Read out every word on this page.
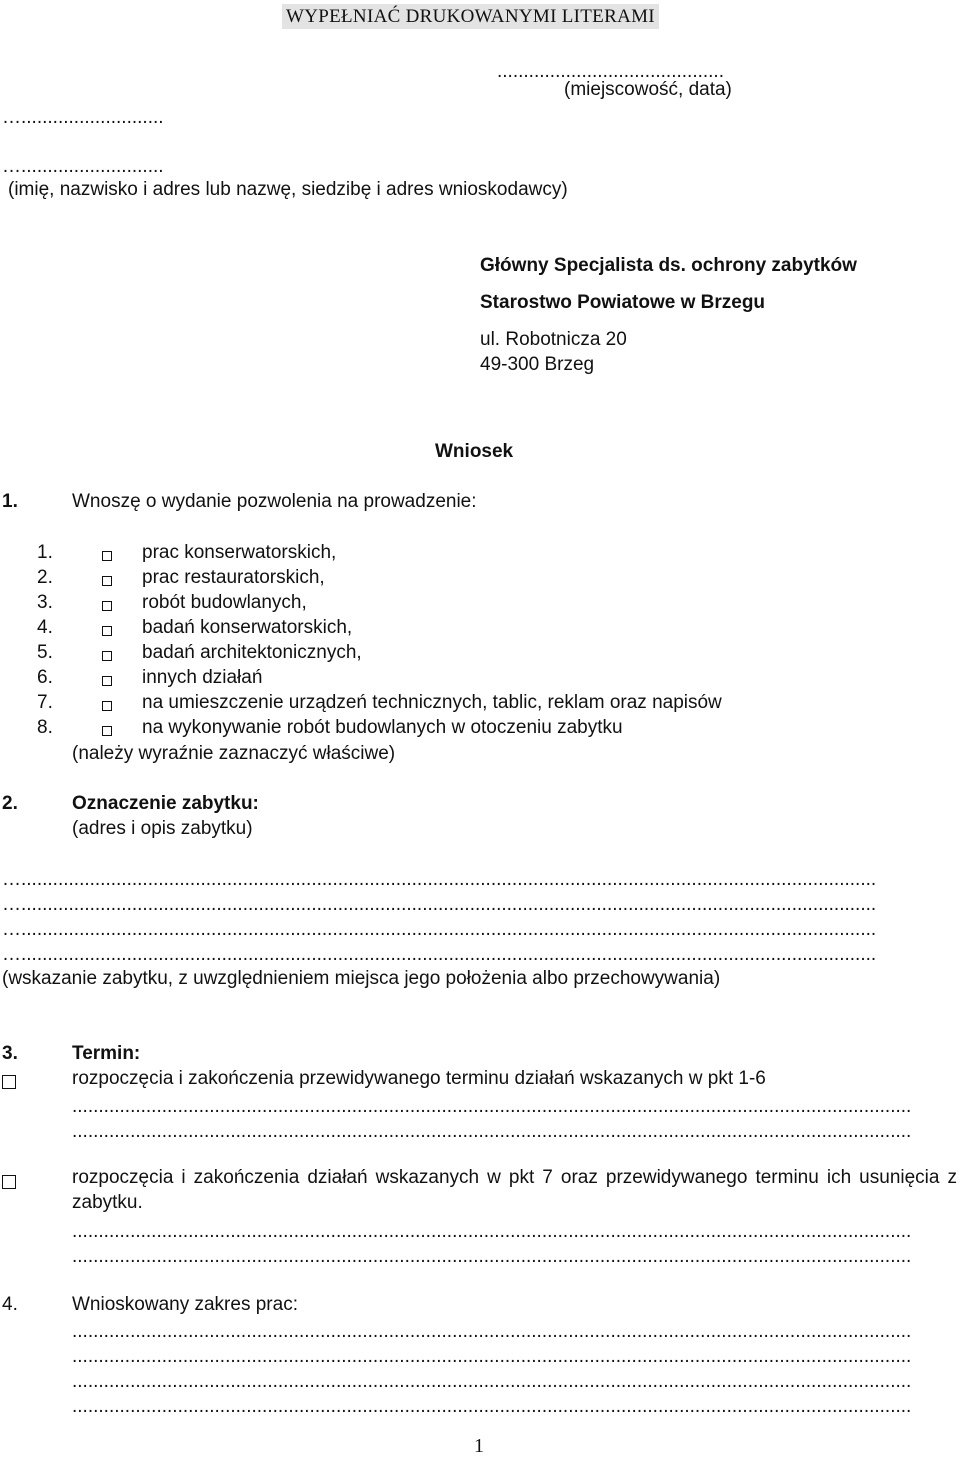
WYPEŁNIAĆ DRUKOWANYMI LITERAMI
...........................................
(miejscowość, data)
…...........................
…...........................
(imię, nazwisko i adres lub nazwę, siedzibę i adres wnioskodawcy)
Główny Specjalista ds. ochrony zabytków
Starostwo Powiatowe w Brzegu
ul. Robotnicza 20
49-300 Brzeg
Wniosek
1.	Wnoszę o wydanie pozwolenia na prowadzenie:
1.	prac konserwatorskich,
2.	prac restauratorskich,
3.	robót budowlanych,
4.	badań konserwatorskich,
5.	badań architektonicznych,
6.	innych działań
7.	na umieszczenie urządzeń technicznych, tablic, reklam oraz napisów
8.	na wykonywanie robót budowlanych w otoczeniu zabytku
(należy wyraźnie zaznaczyć właściwe)
2.	Oznaczenie zabytku:
(adres i opis zabytku)
…..................................................................................................................................................................
…..................................................................................................................................................................
…..................................................................................................................................................................
…..................................................................................................................................................................
(wskazanie zabytku, z uwzględnieniem miejsca jego położenia albo przechowywania)
3.	Termin:
rozpoczęcia i zakończenia przewidywanego terminu działań wskazanych w pkt 1-6
...............................................................................................................................................................
...............................................................................................................................................................
rozpoczęcia i zakończenia działań wskazanych w pkt 7 oraz przewidywanego terminu ich usunięcia z zabytku.
...............................................................................................................................................................
...............................................................................................................................................................
4.	Wnioskowany zakres prac:
...............................................................................................................................................................
...............................................................................................................................................................
...............................................................................................................................................................
...............................................................................................................................................................
1
